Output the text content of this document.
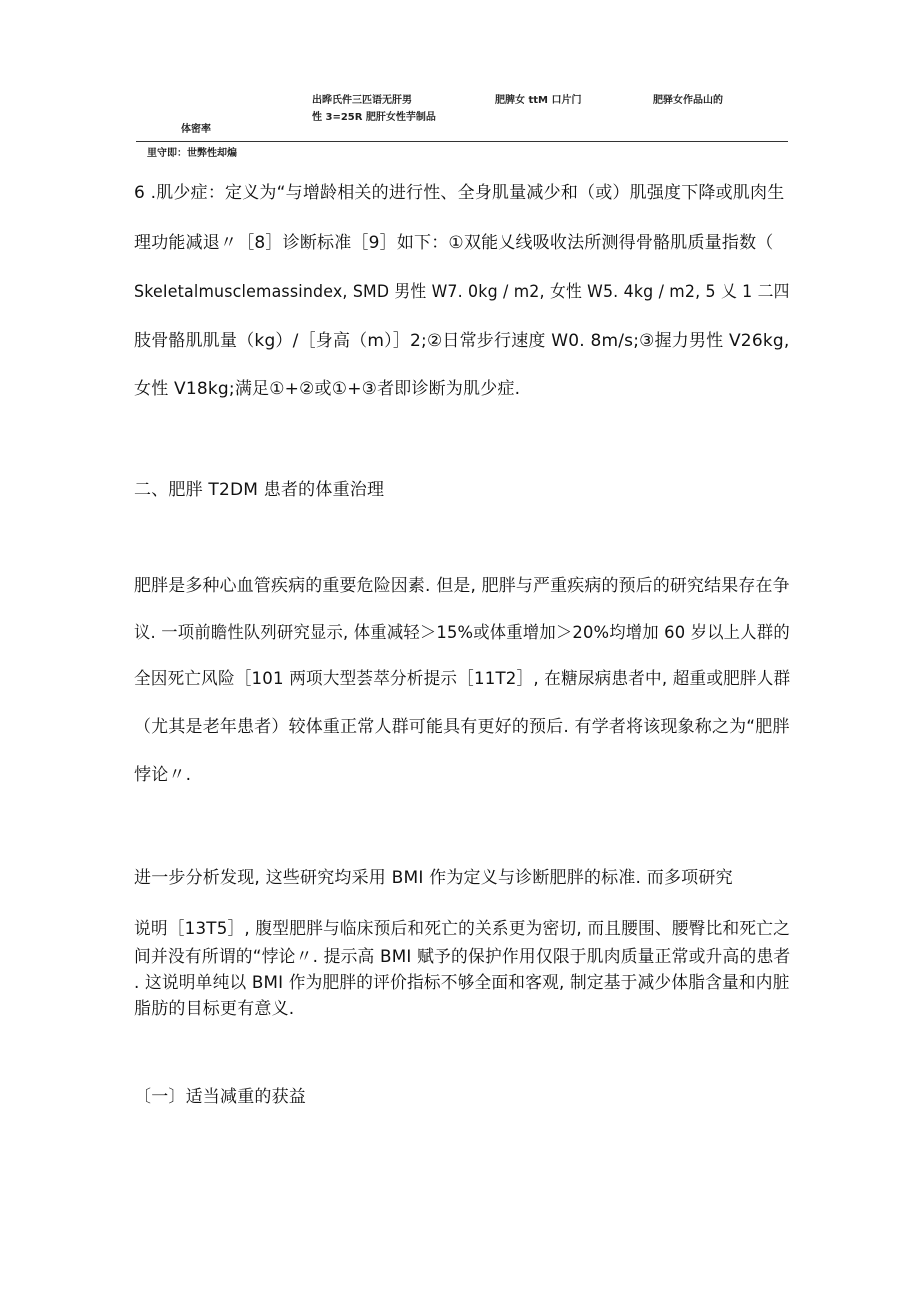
出晔氏件三匹语无肝男
性 3=25R 肥肝女性芋制品
肥脾女 ttM 口片门	肥驿女作品山的
体密率
里守即：世弊性却煸
6 .肌少症：定义为“与增龄相关的进行性、全身肌量减少和（或）肌强度下降或肌肉生
理功能减退〃［8］诊断标准［9］如下：①双能乂线吸收法所测得骨骼肌质量指数（
SkeIetalmusclemassindex, SMD 男性 W7. 0kg / m2, 女性 W5. 4kg / m2, 5 乂 1 二四
肢骨骼肌肌量（kg）/［身高（m）］2;②日常步行速度 W0. 8m/s;③握力男性 V26kg,
女性 V18kg;满足①+②或①+③者即诊断为肌少症.
二、肥胖 T2DM 患者的体重治理
肥胖是多种心血管疾病的重要危险因素. 但是, 肥胖与严重疾病的预后的研究结果存在争
议. 一项前瞻性队列研究显示, 体重减轻＞15%或体重增加＞20%均增加 60 岁以上人群的
全因死亡风险［101 两项大型荟萃分析提示［11T2］, 在糖尿病患者中, 超重或肥胖人群
（尤其是老年患者）较体重正常人群可能具有更好的预后. 有学者将该现象称之为“肥胖
悖论〃.
进一步分析发现, 这些研究均采用 BMI 作为定义与诊断肥胖的标准. 而多项研究
说明［13T5］, 腹型肥胖与临床预后和死亡的关系更为密切, 而且腰围、腰臀比和死亡之
间并没有所谓的“悖论〃. 提示高 BMI 赋予的保护作用仅限于肌肉质量正常或升高的患者
. 这说明单纯以 BMI 作为肥胖的评价指标不够全面和客观, 制定基于减少体脂含量和内脏
脂肪的目标更有意义.
〔一〕适当减重的获益
